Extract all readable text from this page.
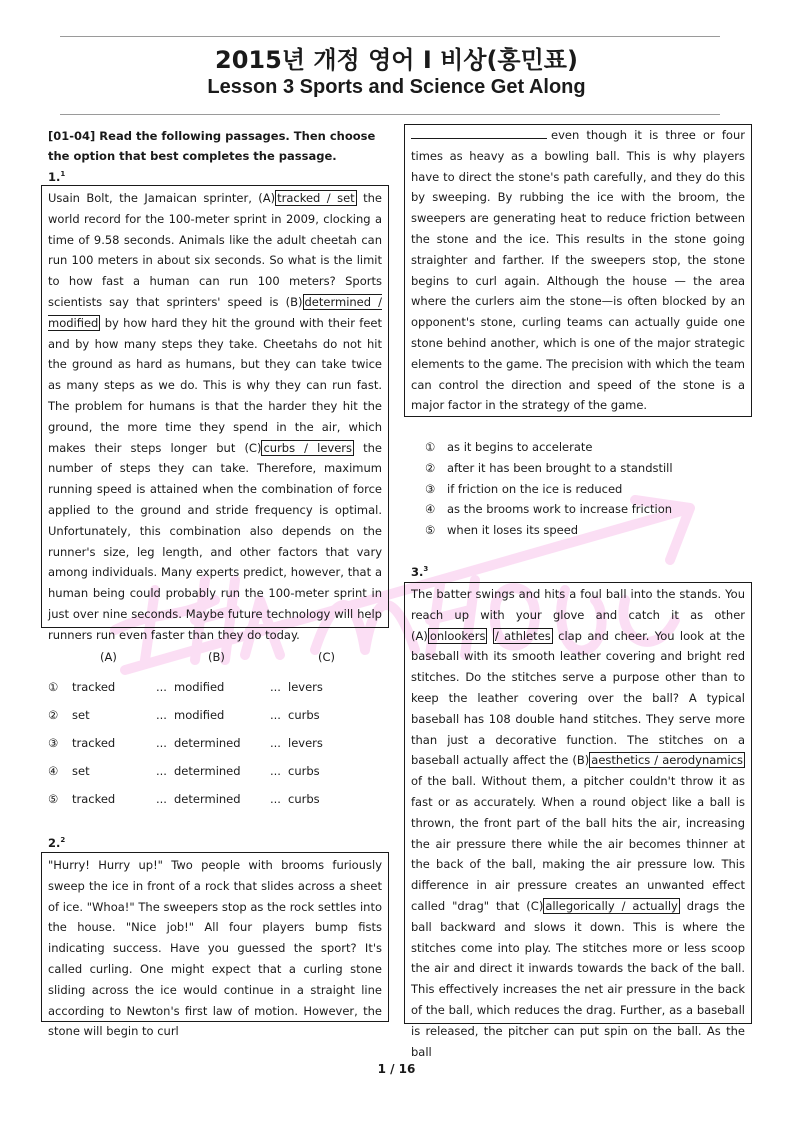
2015년 개정 영어 I 비상(홍민표)
Lesson 3 Sports and Science Get Along
[01-04] Read the following passages. Then choose the option that best completes the passage.
1.$^1$
Usain Bolt, the Jamaican sprinter, (A) tracked / set the world record for the 100-meter sprint in 2009, clocking a time of 9.58 seconds. Animals like the adult cheetah can run 100 meters in about six seconds. So what is the limit to how fast a human can run 100 meters? Sports scientists say that sprinters' speed is (B) determined / modified by how hard they hit the ground with their feet and by how many steps they take. Cheetahs do not hit the ground as hard as humans, but they can take twice as many steps as we do. This is why they can run fast. The problem for humans is that the harder they hit the ground, the more time they spend in the air, which makes their steps longer but (C) curbs / levers the number of steps they can take. Therefore, maximum running speed is attained when the combination of force applied to the ground and stride frequency is optimal. Unfortunately, this combination also depends on the runner's size, leg length, and other factors that vary among individuals. Many experts predict, however, that a human being could probably run the 100-meter sprint in just over nine seconds. Maybe future technology will help runners run even faster than they do today.
(A)	(B)	(C)
① tracked	... modified	... levers
② set	... modified	... curbs
③ tracked	... determined	... levers
④ set	... determined	... curbs
⑤ tracked	... determined	... curbs
2.$^2$
"Hurry! Hurry up!" Two people with brooms furiously sweep the ice in front of a rock that slides across a sheet of ice. "Whoa!" The sweepers stop as the rock settles into the house. "Nice job!" All four players bump fists indicating success. Have you guessed the sport? It's called curling. One might expect that a curling stone sliding across the ice would continue in a straight line according to Newton's first law of motion. However, the stone will begin to curl
even though it is three or four times as heavy as a bowling ball. This is why players have to direct the stone's path carefully, and they do this by sweeping. By rubbing the ice with the broom, the sweepers are generating heat to reduce friction between the stone and the ice. This results in the stone going straighter and farther. If the sweepers stop, the stone begins to curl again. Although the house — the area where the curlers aim the stone—is often blocked by an opponent's stone, curling teams can actually guide one stone behind another, which is one of the major strategic elements to the game. The precision with which the team can control the direction and speed of the stone is a major factor in the strategy of the game.
① as it begins to accelerate
② after it has been brought to a standstill
③ if friction on the ice is reduced
④ as the brooms work to increase friction
⑤ when it loses its speed
3.$^3$
The batter swings and hits a foul ball into the stands. You reach up with your glove and catch it as other (A) onlookers / athletes clap and cheer. You look at the baseball with its smooth leather covering and bright red stitches. Do the stitches serve a purpose other than to keep the leather covering over the ball? A typical baseball has 108 double hand stitches. They serve more than just a decorative function. The stitches on a baseball actually affect the (B) aesthetics / aerodynamics of the ball. Without them, a pitcher couldn't throw it as fast or as accurately. When a round object like a ball is thrown, the front part of the ball hits the air, increasing the air pressure there while the air becomes thinner at the back of the ball, making the air pressure low. This difference in air pressure creates an unwanted effect called "drag" that (C) allegorically / actually drags the ball backward and slows it down. This is where the stitches come into play. The stitches more or less scoop the air and direct it inwards towards the back of the ball. This effectively increases the net air pressure in the back of the ball, which reduces the drag. Further, as a baseball is released, the pitcher can put spin on the ball. As the ball
1 / 16
